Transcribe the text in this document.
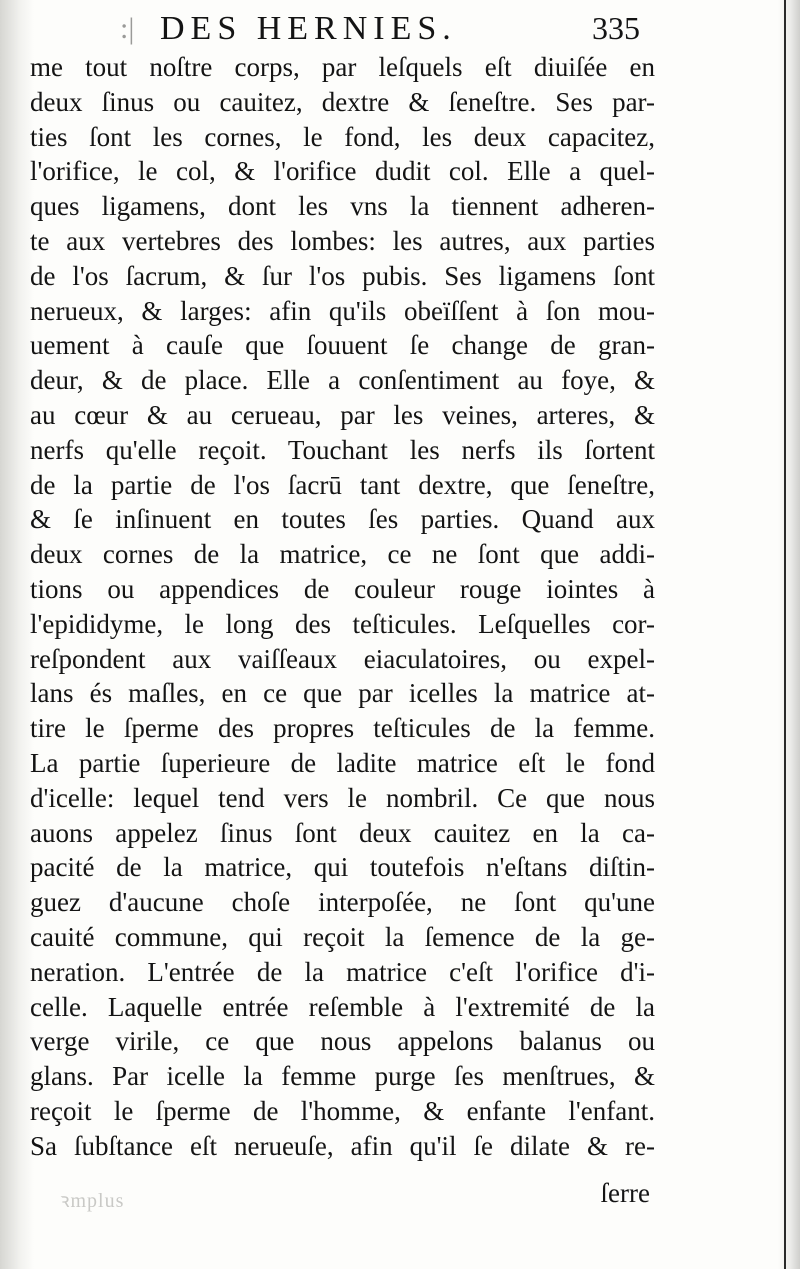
:| DES HERNIES.	335
me tout noſtre corps, par leſquels eſt diuiſée en
deux ſinus ou cauitez, dextre & ſeneſtre. Ses par-
ties ſont les cornes, le fond, les deux capacitez,
l'orifice, le col, & l'orifice dudit col. Elle a quel-
ques ligamens, dont les vns la tiennent adheren-
te aux vertebres des lombes: les autres, aux parties
de l'os ſacrum, & ſur l'os pubis. Ses ligamens ſont
nerueux, & larges: afin qu'ils obeïſſent à ſon mou-
uement à cauſe que ſouuent ſe change de gran-
deur, & de place. Elle a conſentiment au foye, &
au cœur & au cerueau, par les veines, arteres, &
nerfs qu'elle reçoit. Touchant les nerfs ils ſortent
de la partie de l'os ſacrū tant dextre, que ſeneſtre,
& ſe inſinuent en toutes ſes parties. Quand aux
deux cornes de la matrice, ce ne ſont que addi-
tions ou appendices de couleur rouge iointes à
l'epididyme, le long des teſticules. Leſquelles cor-
reſpondent aux vaiſſeaux eiaculatoires, ou expel-
lans és maſles, en ce que par icelles la matrice at-
tire le ſperme des propres teſticules de la femme.
La partie ſuperieure de ladite matrice eſt le fond
d'icelle: lequel tend vers le nombril. Ce que nous
auons appelez ſinus ſont deux cauitez en la ca-
pacité de la matrice, qui toutefois n'eſtans diſtin-
guez d'aucune choſe interpoſée, ne ſont qu'une
cauité commune, qui reçoit la ſemence de la ge-
neration. L'entrée de la matrice c'eſt l'orifice d'i-
celle. Laquelle entrée reſemble à l'extremité de la
verge virile, ce que nous appelons balanus ou
glans. Par icelle la femme purge ſes menſtrues, &
reçoit le ſperme de l'homme, & enfante l'enfant.
Sa ſubſtance eſt nerueuſe, afin qu'il ſe dilate & re-
ꝛmplus	ſerre
